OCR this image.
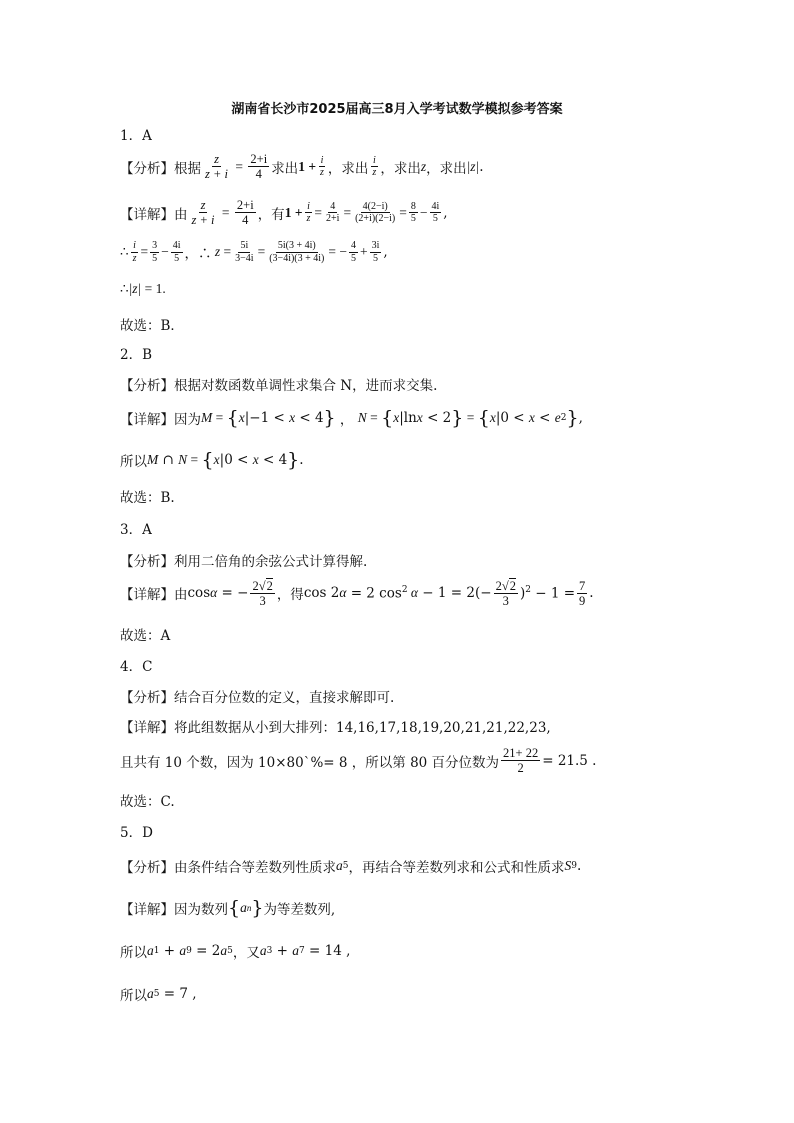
湖南省长沙市2025届高三8月入学考试数学模拟参考答案
1．A
【分析】 根据 $\frac{z}{z + i} = \frac{2+i}{4}$ 求出 $1 + \frac{i}{z}$ ，求出 $\frac{i}{z}$ ，求出 z ，求出 |z| .
【详解】 由 $\frac{z}{z + i} = \frac{2+i}{4}$ ，有 $1 + \frac{i}{z} = \frac{4}{2+i} = \frac{4(2-i)}{(2+i)(2-i)} = \frac{8}{5} - \frac{4i}{5}$ ,
∴ $\frac{i}{z} = \frac{3}{5} - \frac{4i}{5}$ ，∴ $z = \frac{5i}{3-4i} = \frac{5i(3 + 4i)}{(3-4i)(3 + 4i)}$ = − $\frac{4}{5} + \frac{3i}{5}$ ,
∴ |z| = 1.
故选：B．
2．B
【分析】根据对数函数单调性求集合 N，进而求交集.
【详解】因为 M = { x |−1 < x < 4 } ， N = { x |ln x < 2 } = { x |0 < x < e 2 } ,
所以 M ∩ N = { x |0 < x < 4 } .
故选：B.
3．A
【分析】利用二倍角的余弦公式计算得解.
【详解】由 cos α = − $\frac{2√2}{3}$ ，得 cos 2 α = 2 $\cos^2 \alpha - 1 = 2(- \frac{2√2}{3} )^2 - 1 = \frac{7}{9}$ .
故选：A
4．C
【分析】结合百分位数的定义，直接求解即可.
【详解】将此组数据从小到大排列：14,16,17,18,19,20,21,21,22,23,
且共有 10 个数，因为 10×80`%= 8 ，所以第 80 百分位数为 $\frac{21+ 22}{2} = 21.5$ .
故选：C.
5．D
【分析】由条件结合等差数列性质求 a 5 ，再结合等差数列求和公式和性质求 S 9 .
【详解】因为数列 { a n } 为等差数列,
所以 a 1 + a 9 = 2 a 5 ，又 a 3 + a 7 = 14 ,
所以 a 5 = 7 ,
